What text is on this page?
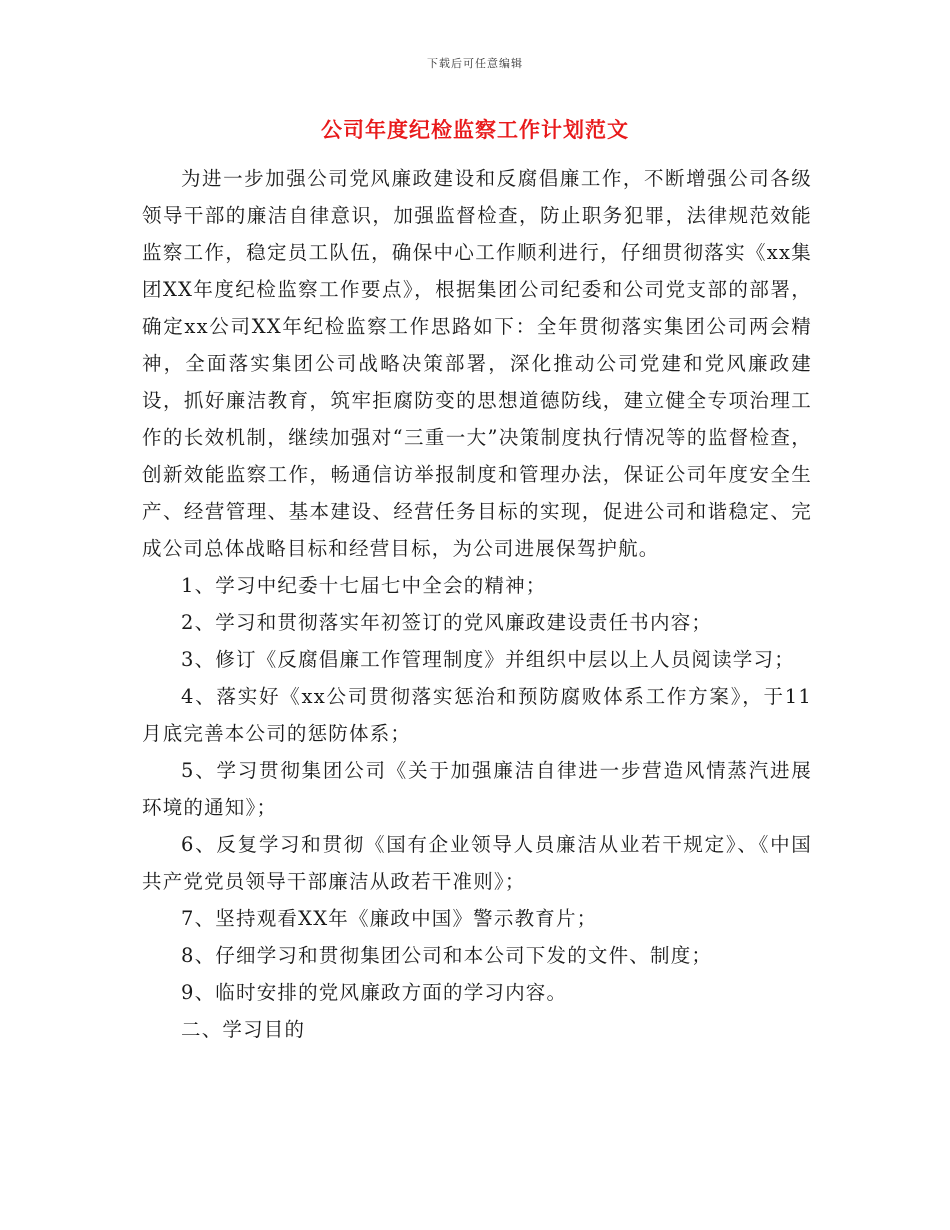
下载后可任意编辑
公司年度纪检监察工作计划范文

为进一步加强公司党风廉政建设和反腐倡廉工作，不断增强公司各级领导干部的廉洁自律意识，加强监督检查，防止职务犯罪，法律规范效能监察工作，稳定员工队伍，确保中心工作顺利进行，仔细贯彻落实《xx集团XX年度纪检监察工作要点》，根据集团公司纪委和公司党支部的部署，确定xx公司XX年纪检监察工作思路如下：全年贯彻落实集团公司两会精神，全面落实集团公司战略决策部署，深化推动公司党建和党风廉政建设，抓好廉洁教育，筑牢拒腐防变的思想道德防线，建立健全专项治理工作的长效机制，继续加强对“三重一大”决策制度执行情况等的监督检查，创新效能监察工作，畅通信访举报制度和管理办法，保证公司年度安全生产、经营管理、基本建设、经营任务目标的实现，促进公司和谐稳定、完成公司总体战略目标和经营目标，为公司进展保驾护航。

1、学习中纪委十七届七中全会的精神；

2、学习和贯彻落实年初签订的党风廉政建设责任书内容；

3、修订《反腐倡廉工作管理制度》并组织中层以上人员阅读学习；

4、落实好《xx公司贯彻落实惩治和预防腐败体系工作方案》，于11月底完善本公司的惩防体系；

5、学习贯彻集团公司《关于加强廉洁自律进一步营造风情蒸汽进展环境的通知》；

6、反复学习和贯彻《国有企业领导人员廉洁从业若干规定》、《中国共产党党员领导干部廉洁从政若干准则》；

7、坚持观看XX年《廉政中国》警示教育片；

8、仔细学习和贯彻集团公司和本公司下发的文件、制度；

9、临时安排的党风廉政方面的学习内容。

二、学习目的
